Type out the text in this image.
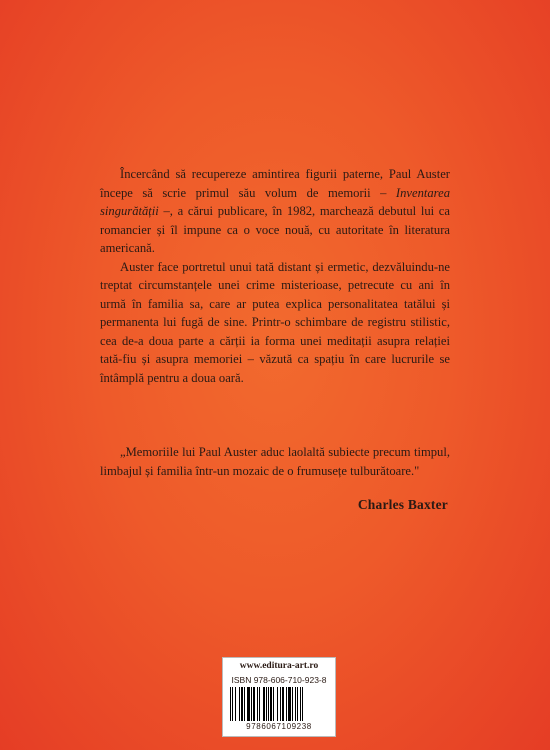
Încercând să recupereze amintirea figurii paterne, Paul Auster începe să scrie primul său volum de memorii – Inventarea singurătății –, a cărui publicare, în 1982, marchează debutul lui ca romancier și îl impune ca o voce nouă, cu autoritate în literatura americană.

Auster face portretul unui tată distant și ermetic, dezvăluindu-ne treptat circumstanțele unei crime misterioase, petrecute cu ani în urmă în familia sa, care ar putea explica personalitatea tatălui și permanenta lui fugă de sine. Printr-o schimbare de registru stilistic, cea de-a doua parte a cărții ia forma unei meditații asupra relației tată-fiu și asupra memoriei – văzută ca spațiu în care lucrurile se întâmplă pentru a doua oară.

„Memoriile lui Paul Auster aduc laolaltă subiecte precum timpul, limbajul și familia într-un mozaic de o frumusețe tulburătoare."

Charles Baxter
www.editura-art.ro
ISBN 978-606-710-923-8
9786067109238
